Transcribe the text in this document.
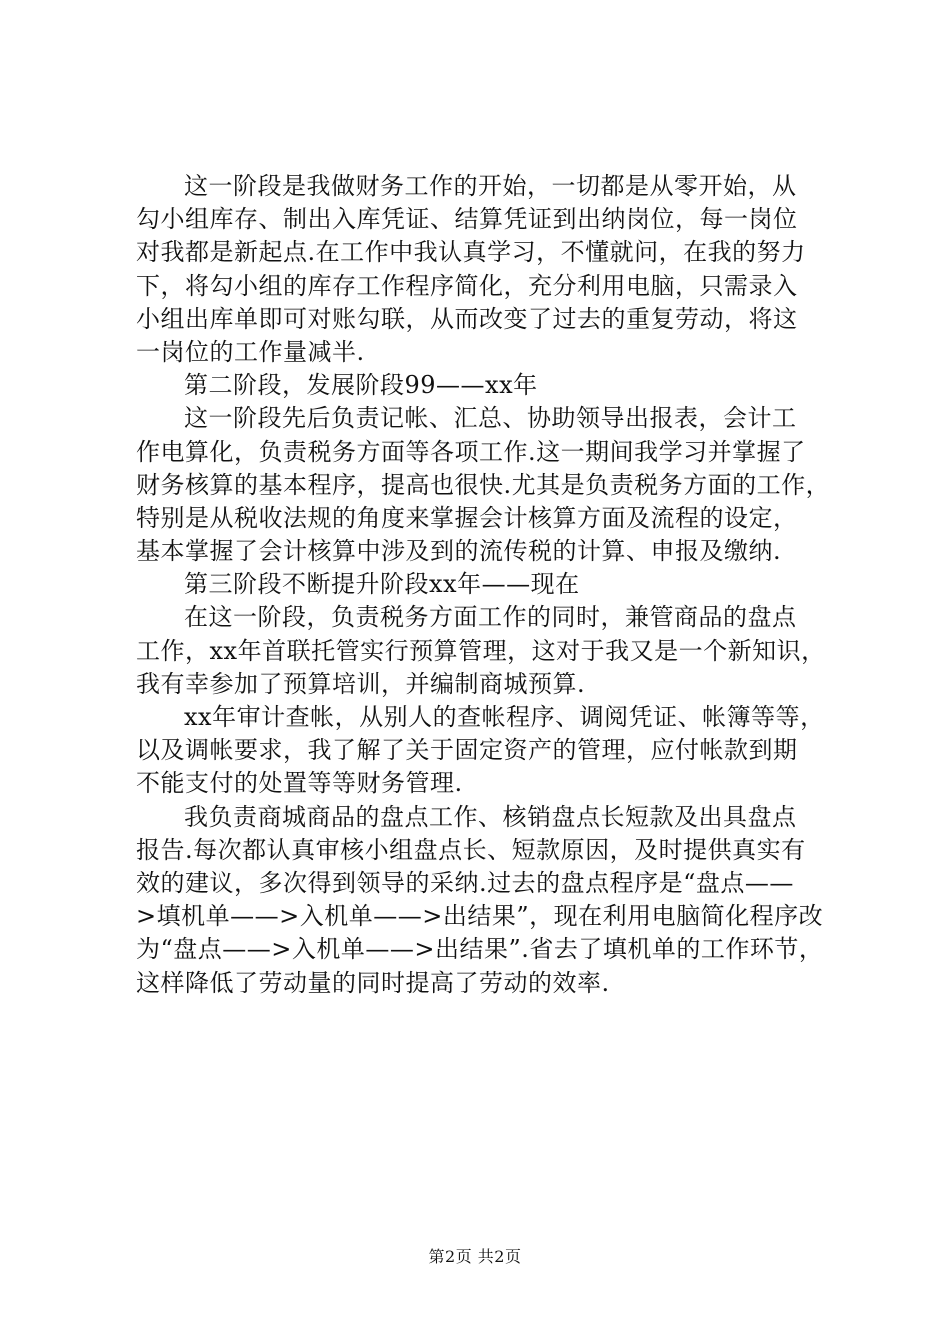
这一阶段是我做财务工作的开始，一切都是从零开始，从
勾小组库存、制出入库凭证、结算凭证到出纳岗位，每一岗位
对我都是新起点.在工作中我认真学习，不懂就问，在我的努力
下，将勾小组的库存工作程序简化，充分利用电脑，只需录入
小组出库单即可对账勾联，从而改变了过去的重复劳动，将这
一岗位的工作量减半.
第二阶段，发展阶段99——xx年
这一阶段先后负责记帐、汇总、协助领导出报表，会计工
作电算化，负责税务方面等各项工作.这一期间我学习并掌握了
财务核算的基本程序，提高也很快.尤其是负责税务方面的工作，
特别是从税收法规的角度来掌握会计核算方面及流程的设定，
基本掌握了会计核算中涉及到的流传税的计算、申报及缴纳.
第三阶段不断提升阶段xx年——现在
在这一阶段，负责税务方面工作的同时，兼管商品的盘点
工作，xx年首联托管实行预算管理，这对于我又是一个新知识，
我有幸参加了预算培训，并编制商城预算.
xx年审计查帐，从别人的查帐程序、调阅凭证、帐簿等等，
以及调帐要求，我了解了关于固定资产的管理，应付帐款到期
不能支付的处置等等财务管理.
我负责商城商品的盘点工作、核销盘点长短款及出具盘点
报告.每次都认真审核小组盘点长、短款原因，及时提供真实有
效的建议，多次得到领导的采纳.过去的盘点程序是“盘点——
>填机单——>入机单——>出结果”，现在利用电脑简化程序改
为“盘点——>入机单——>出结果”.省去了填机单的工作环节，
这样降低了劳动量的同时提高了劳动的效率.
第2页 共2页
